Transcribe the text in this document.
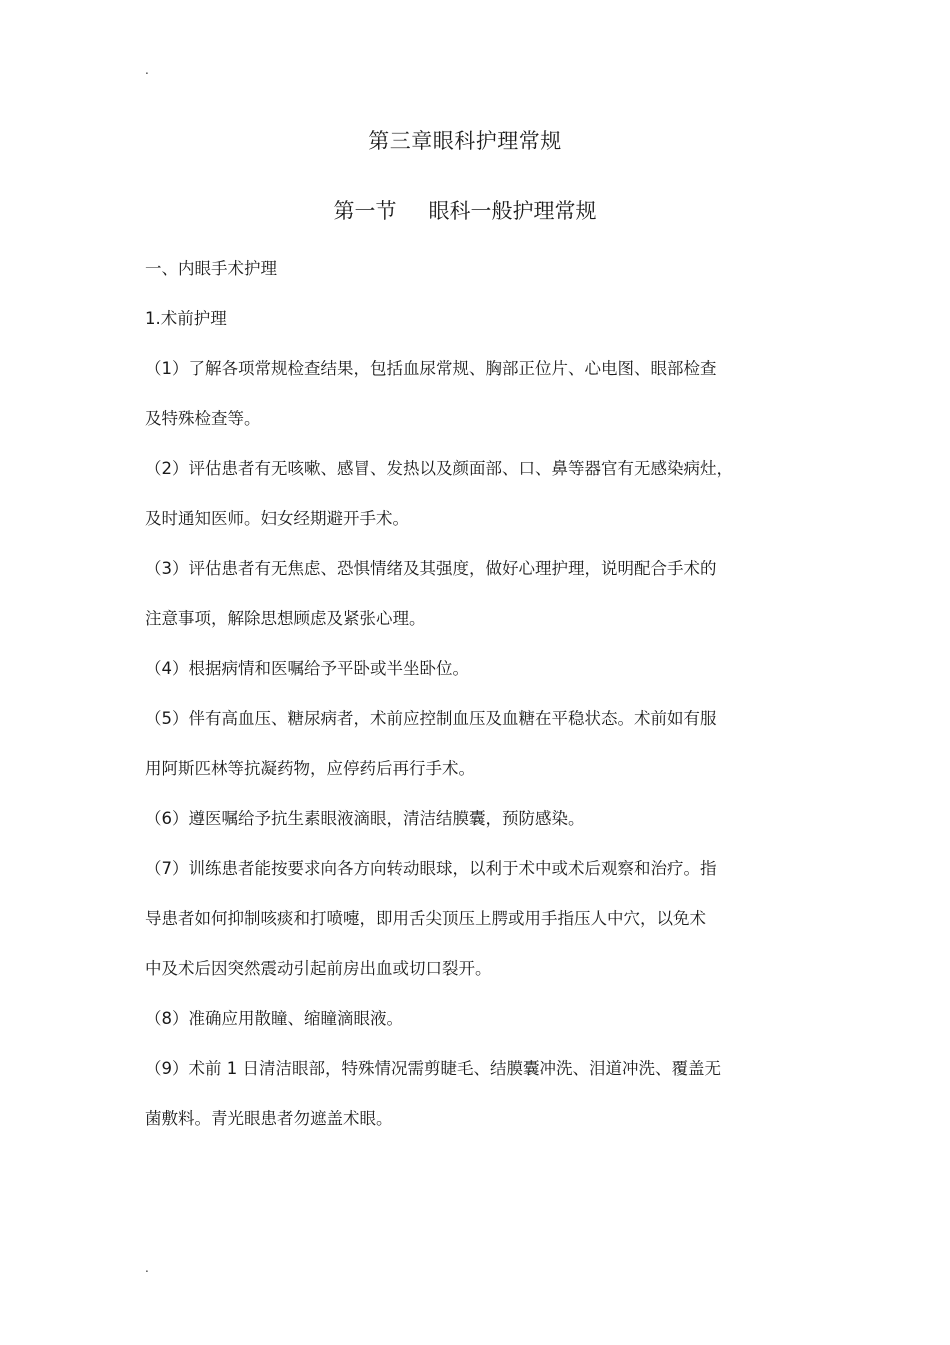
.
第三章眼科护理常规
第一节 眼科一般护理常规

一、内眼手术护理

1.术前护理

（1）了解各项常规检查结果，包括血尿常规、胸部正位片、心电图、眼部检查

及特殊检查等。

（2）评估患者有无咳嗽、感冒、发热以及颜面部、口、鼻等器官有无感染病灶，

及时通知医师。妇女经期避开手术。

（3）评估患者有无焦虑、恐惧情绪及其强度，做好心理护理，说明配合手术的

注意事项，解除思想顾虑及紧张心理。

（4）根据病情和医嘱给予平卧或半坐卧位。

（5）伴有高血压、糖尿病者，术前应控制血压及血糖在平稳状态。术前如有服

用阿斯匹林等抗凝药物，应停药后再行手术。

（6）遵医嘱给予抗生素眼液滴眼，清洁结膜囊，预防感染。

（7）训练患者能按要求向各方向转动眼球，以利于术中或术后观察和治疗。指

导患者如何抑制咳痰和打喷嚏，即用舌尖顶压上腭或用手指压人中穴，以免术

中及术后因突然震动引起前房出血或切口裂开。

（8）准确应用散瞳、缩瞳滴眼液。

（9）术前 1 日清洁眼部，特殊情况需剪睫毛、结膜囊冲洗、泪道冲洗、覆盖无

菌敷料。青光眼患者勿遮盖术眼。

.
